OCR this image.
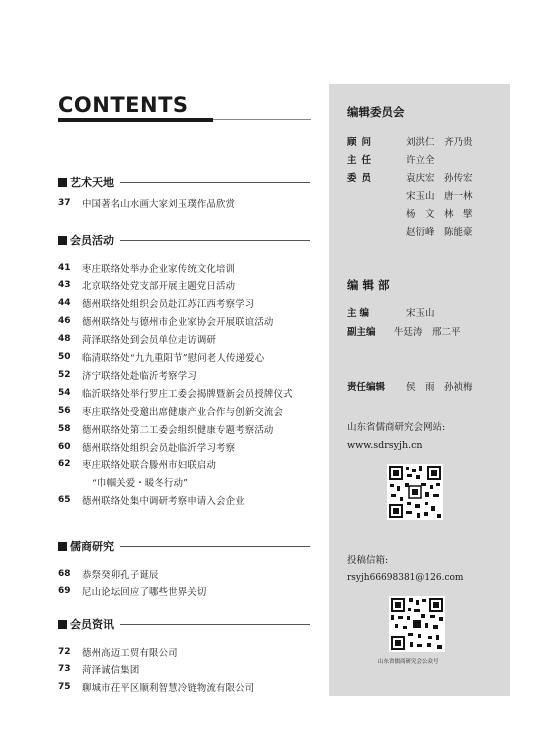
CONTENTS
艺术天地
37	中国著名山水画大家刘玉璞作品欣赏
会员活动
41	枣庄联络处举办企业家传统文化培训
43	北京联络处党支部开展主题党日活动
44	德州联络处组织会员赴江苏江西考察学习
46	德州联络处与德州市企业家协会开展联谊活动
48	菏泽联络处到会员单位走访调研
50	临清联络处“九九重阳节”慰问老人传递爱心
52	济宁联络处赴临沂考察学习
54	临沂联络处举行罗庄工委会揭牌暨新会员授牌仪式
56	枣庄联络处受邀出席健康产业合作与创新交流会
58	德州联络处第二工委会组织健康专题考察活动
60	德州联络处组织会员赴临沂学习考察
62	枣庄联络处联合滕州市妇联启动
“巾帼关爱・暖冬行动”
65	德州联络处集中调研考察申请入会企业
儒商研究
68	恭祭癸卯孔子诞辰
69	尼山论坛回应了哪些世界关切
会员资讯
72	德州高迈工贸有限公司
73	菏泽诚信集团
75	聊城市茌平区顺利智慧冷链物流有限公司
编辑委员会
顾问	刘洪仁　齐乃贵
主任	许立全
委员	袁庆宏　孙传宏
宋玉山　唐一林
杨　文　林　擘
赵衍峰　陈能豪
编 辑 部
主编	宋玉山
副主编 牛廷涛　邢二平
责任编辑 侯　雨　孙祯梅
山东省儒商研究会网站:
www.sdrsyjh.cn
投稿信箱:
rsyjh66698381@126.com
山东省儒商研究会公众号
